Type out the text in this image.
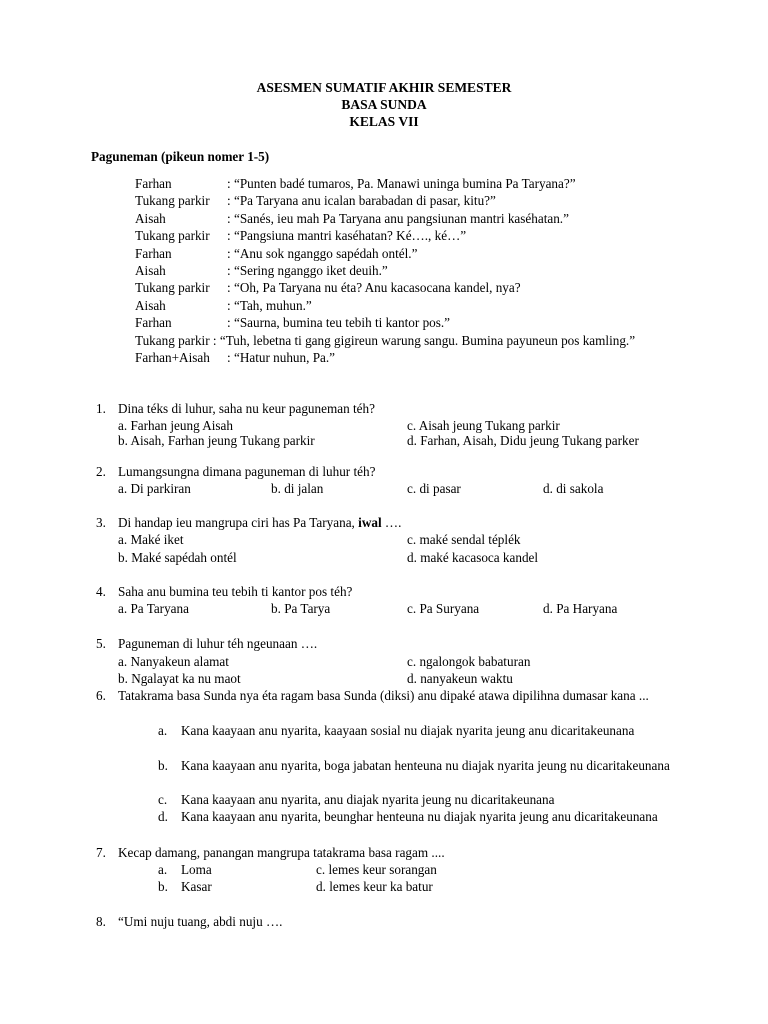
ASESMEN SUMATIF AKHIR SEMESTER
BASA SUNDA
KELAS VII
Paguneman (pikeun nomer 1-5)
Farhan	: “Punten badé tumaros, Pa. Manawi uninga bumina Pa Taryana?”
Tukang parkir	: “Pa Taryana anu icalan barabadan di pasar, kitu?”
Aisah	: “Sanés, ieu mah Pa Taryana anu pangsiunan mantri kaséhatan.”
Tukang parkir	: “Pangsiuna mantri kaséhatan? Ké…., ké…”
Farhan	: “Anu sok nganggo sapédah ontél.”
Aisah	: “Sering nganggo iket deuih.”
Tukang parkir	: “Oh, Pa Taryana nu éta? Anu kacasocana kandel, nya?
Aisah	: “Tah, muhun.”
Farhan	: “Saurna, bumina teu tebih ti kantor pos.”
Tukang parkir : “Tuh, lebetna ti gang gigireun warung sangu. Bumina payuneun pos kamling.”
Farhan+Aisah	: “Hatur nuhun, Pa.”
1. Dina téks di luhur, saha nu keur paguneman téh?
a. Farhan jeung Aisah
b. Aisah, Farhan jeung Tukang parkir
c. Aisah jeung Tukang parkir
d. Farhan, Aisah, Didu jeung Tukang parker
2. Lumangsungna dimana paguneman di luhur téh?
a. Di parkiran	b. di jalan	c. di pasar	d. di sakola
3. Di handap ieu mangrupa ciri has Pa Taryana, iwal ….
a. Maké iket
b. Maké sapédah ontél
c. maké sendal téplék
d. maké kacasoca kandel
4. Saha anu bumina teu tebih ti kantor pos téh?
a. Pa Taryana	b. Pa Tarya	c. Pa Suryana	d. Pa Haryana
5. Paguneman di luhur téh ngeunaan ….
a. Nanyakeun alamat
b. Ngalayat ka nu maot
c. ngalongok babaturan
d. nanyakeun waktu
6. Tatakrama basa Sunda nya éta ragam basa Sunda (diksi) anu dipaké atawa dipilihna dumasar kana ...
a. Kana kaayaan anu nyarita, kaayaan sosial nu diajak nyarita jeung anu dicaritakeunana
b. Kana kaayaan anu nyarita, boga jabatan henteuna nu diajak nyarita jeung nu dicaritakeunana
c. Kana kaayaan anu nyarita, anu diajak nyarita jeung nu dicaritakeunana
d. Kana kaayaan anu nyarita, beunghar henteuna nu diajak nyarita jeung anu dicaritakeunana
7. Kecap damang, panangan mangrupa tatakrama basa ragam ....
a. Loma
b. Kasar
c. lemes keur sorangan
d. lemes keur ka batur
8. “Umi nuju tuang, abdi nuju ….
